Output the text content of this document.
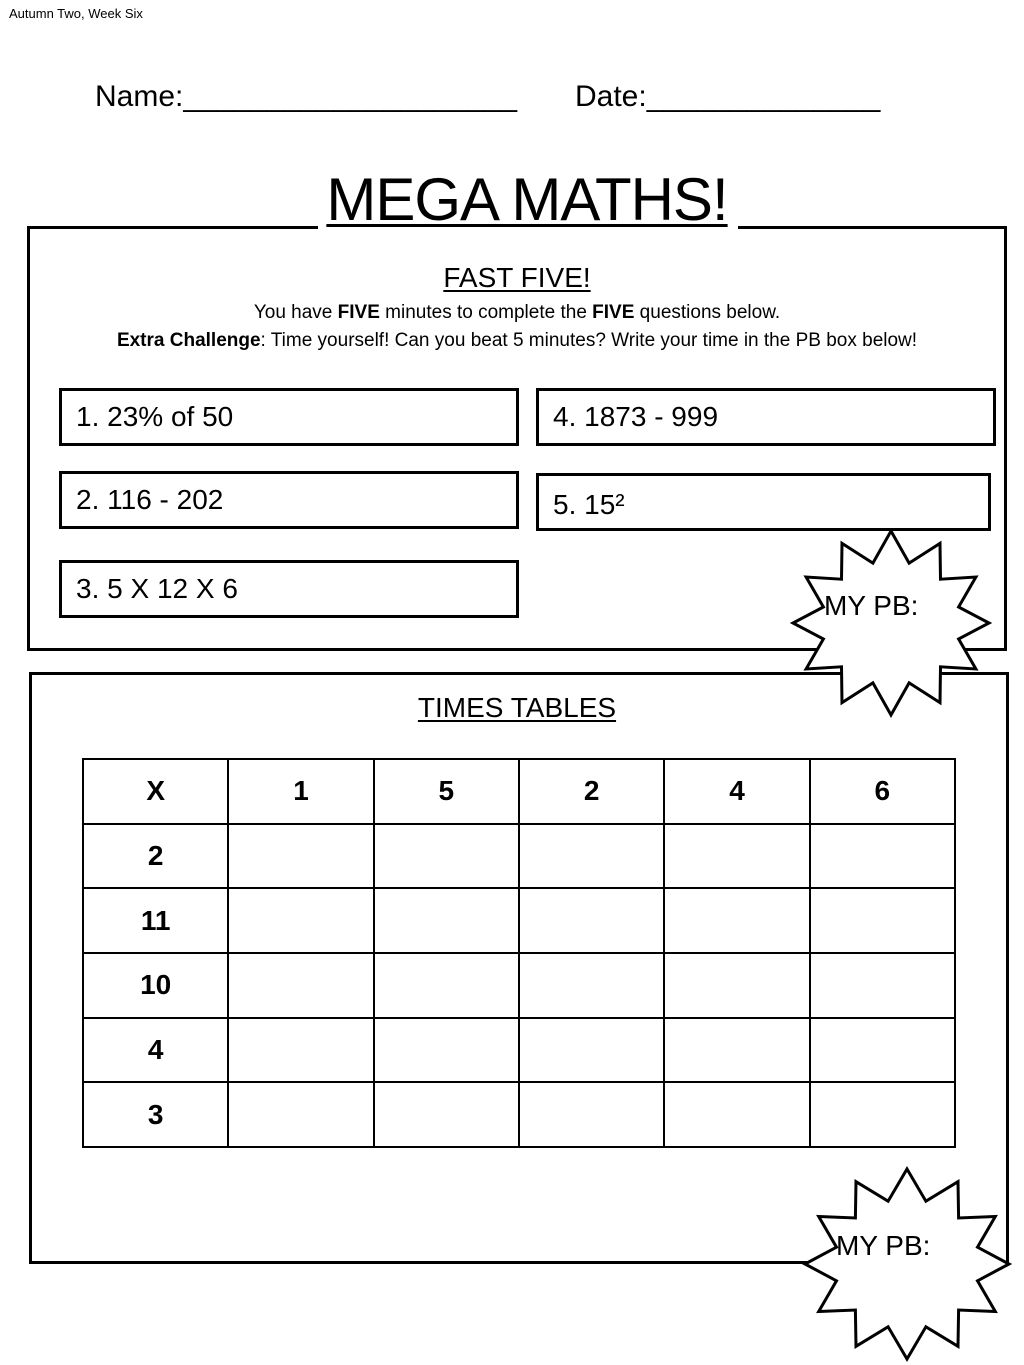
Autumn Two, Week Six
Name:____________________ Date:______________
MEGA MATHS!
FAST FIVE!
You have FIVE minutes to complete the FIVE questions below.
Extra Challenge: Time yourself! Can you beat 5 minutes? Write your time in the PB box below!
1. 23% of 50
2. 116 - 202
3. 5 X 12 X 6
4. 1873 - 999
5. 15²
TIMES TABLES
X	1	5	2	4	6
2					
11					
10					
4					
3					
MY PB:
MY PB:
